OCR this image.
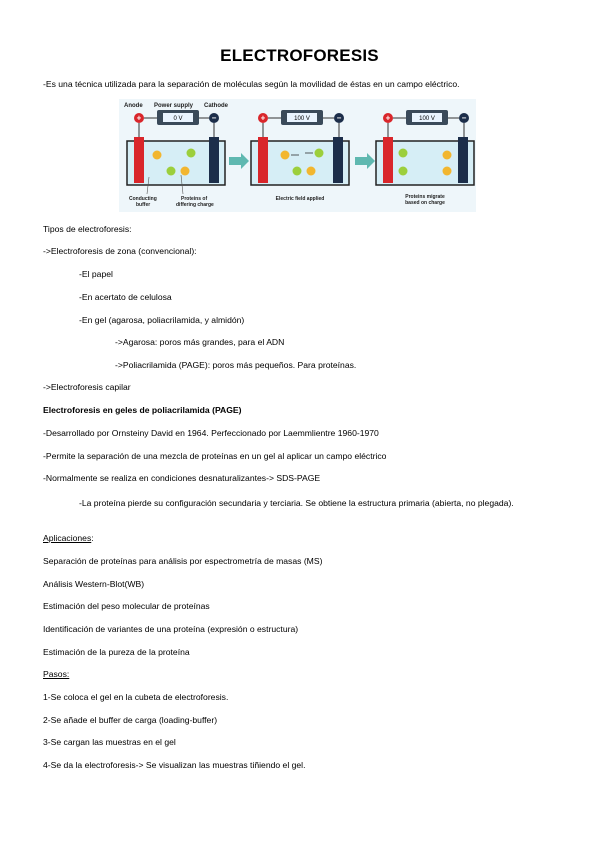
ELECTROFORESIS
-Es una técnica utilizada para la separación de moléculas según la movilidad de éstas en un campo eléctrico.
Anode Power supply Cathode
+	−
0 V
Conducting
buffer
Proteins of
differing charge
+	−
100 V
Electric field applied
+	−
100 V
Proteins migrate
based on charge
Tipos de electroforesis:
->Electroforesis de zona (convencional):
-El papel
-En acertato de celulosa
-En gel (agarosa, poliacrilamida, y almidón)
->Agarosa: poros más grandes, para el ADN
->Poliacrilamida (PAGE): poros más pequeños. Para proteínas.
->Electroforesis capilar
Electroforesis en geles de poliacrilamida (PAGE)
-Desarrollado por Ornsteiny David en 1964. Perfeccionado por Laemmlientre 1960-1970
-Permite la separación de una mezcla de proteínas en un gel al aplicar un campo eléctrico
-Normalmente se realiza en condiciones desnaturalizantes-> SDS-PAGE
-La proteína pierde su configuración secundaria y terciaria. Se obtiene la estructura primaria (abierta, no plegada).
Aplicaciones:
Separación de proteínas para análisis por espectrometría de masas (MS)
Análisis Western-Blot(WB)
Estimación del peso molecular de proteínas
Identificación de variantes de una proteína (expresión o estructura)
Estimación de la pureza de la proteína
Pasos:
1-Se coloca el gel en la cubeta de electroforesis.
2-Se añade el buffer de carga (loading-buffer)
3-Se cargan las muestras en el gel
4-Se da la electroforesis-> Se visualizan las muestras tiñiendo el gel.
